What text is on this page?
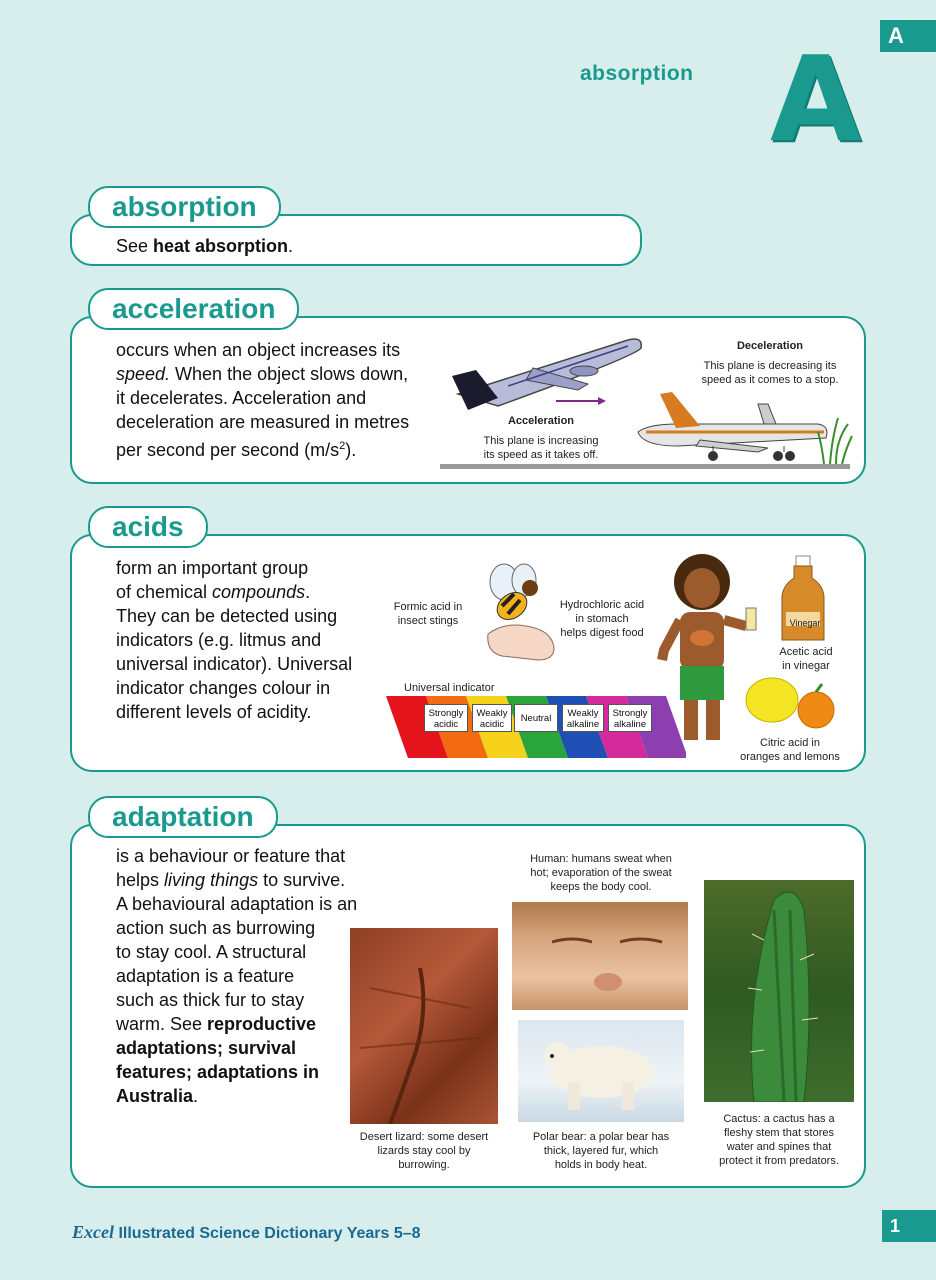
A
absorption A
absorption
See heat absorption.
acceleration
occurs when an object increases its
speed. When the object slows down,
it decelerates. Acceleration and
deceleration are measured in metres
per second per second $(m/s^2)$.
Acceleration
This plane is increasing
its speed as it takes off.
Deceleration
This plane is decreasing its
speed as it comes to a stop.
acids
form an important group
of chemical compounds.
They can be detected using
indicators (e.g. litmus and
universal indicator). Universal
indicator changes colour in
different levels of acidity.
Formic acid in
insect stings
Hydrochloric acid
in stomach
helps digest food
Vinegar
Acetic acid
in vinegar
Citric acid in
oranges and lemons
Universal indicator
Strongly
acidic
Weakly
acidic
Neutral	Weakly
alkaline
Strongly
alkaline
adaptation
is a behaviour or feature that
helps living things to survive.
A behavioural adaptation is an
action such as burrowing
to stay cool. A structural
adaptation is a feature
such as thick fur to stay
warm. See reproductive
adaptations; survival
features; adaptations in
Australia.
Human: humans sweat when
hot; evaporation of the sweat
keeps the body cool.
Desert lizard: some desert
lizards stay cool by
burrowing.
Polar bear: a polar bear has
thick, layered fur, which
holds in body heat.
Cactus: a cactus has a
fleshy stem that stores
water and spines that
protect it from predators.
Excel Illustrated Science Dictionary Years 5–8	1
